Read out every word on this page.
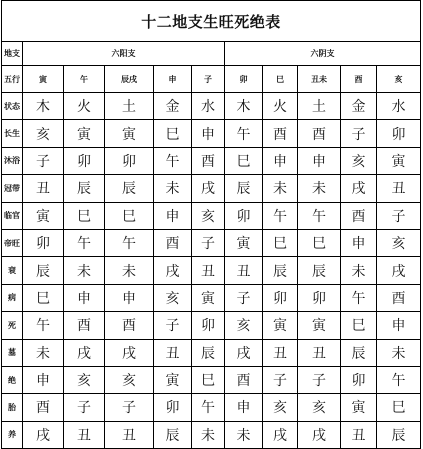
十二地支生旺死绝表										
地支	六阳支					六阴支				
五行	寅	午	辰戌	申	子	卯	巳	丑未	酉	亥
状态	木	火	土	金	水	木	火	土	金	水
长生	亥	寅	寅	巳	申	午	酉	酉	子	卯
沐浴	子	卯	卯	午	酉	巳	申	申	亥	寅
冠带	丑	辰	辰	未	戌	辰	未	未	戌	丑
临官	寅	巳	巳	申	亥	卯	午	午	酉	子
帝旺	卯	午	午	酉	子	寅	巳	巳	申	亥
衰	辰	未	未	戌	丑	丑	辰	辰	未	戌
病	巳	申	申	亥	寅	子	卯	卯	午	酉
死	午	酉	酉	子	卯	亥	寅	寅	巳	申
墓	未	戌	戌	丑	辰	戌	丑	丑	辰	未
绝	申	亥	亥	寅	巳	酉	子	子	卯	午
胎	酉	子	子	卯	午	申	亥	亥	寅	巳
养	戌	丑	丑	辰	未	未	戌	戌	丑	辰
